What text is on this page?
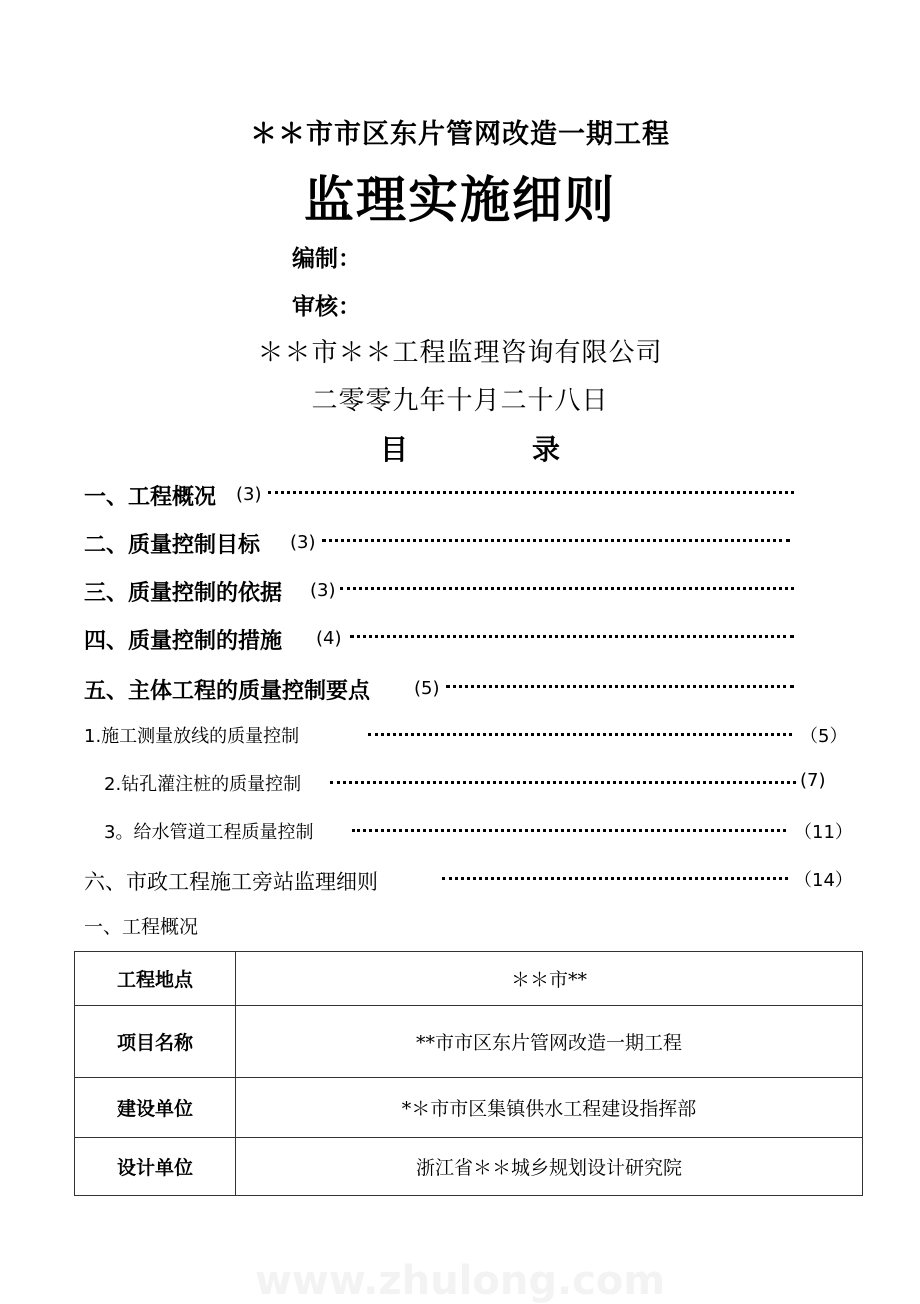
＊＊市市区东片管网改造一期工程
监理实施细则
编制：
审核：
＊＊市＊＊工程监理咨询有限公司
二零零九年十月二十八日
目	录
一、工程概况 (3)
二、质量控制目标 (3)
三、质量控制的依据 (3)
四、质量控制的措施 (4)
五、主体工程的质量控制要点 (5)
1.施工测量放线的质量控制	（5）
2.钻孔灌注桩的质量控制	(7)
3。给水管道工程质量控制	（11）
六、市政工程施工旁站监理细则	（14）
一、工程概况
工程地点	＊＊市**
项目名称	**市市区东片管网改造一期工程
建设单位	*＊市市区集镇供水工程建设指挥部
设计单位	浙江省＊＊城乡规划设计研究院
www.zhulong.com
